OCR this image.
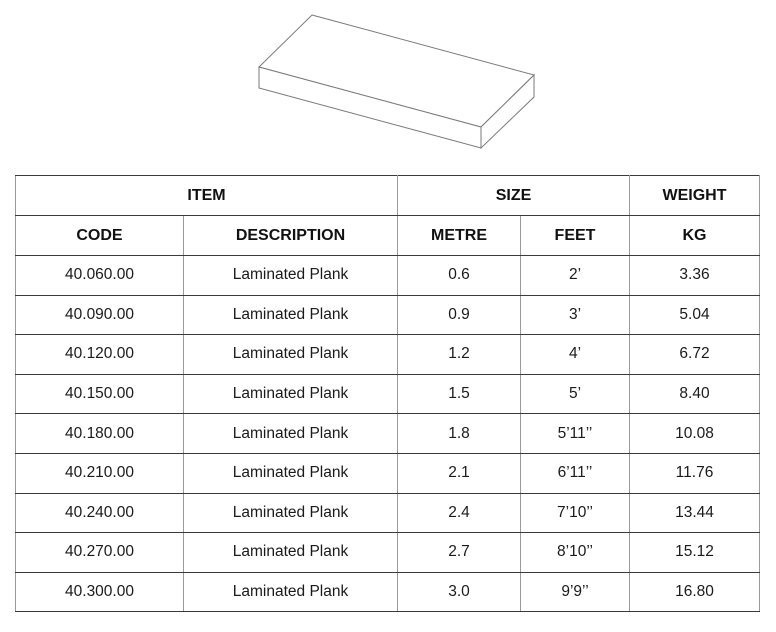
ITEM		SIZE		WEIGHT
CODE	DESCRIPTION	METRE	FEET	KG
40.060.00	Laminated Plank	0.6	2’	3.36
40.090.00	Laminated Plank	0.9	3’	5.04
40.120.00	Laminated Plank	1.2	4’	6.72
40.150.00	Laminated Plank	1.5	5’	8.40
40.180.00	Laminated Plank	1.8	5’11’’	10.08
40.210.00	Laminated Plank	2.1	6’11’’	11.76
40.240.00	Laminated Plank	2.4	7’10’’	13.44
40.270.00	Laminated Plank	2.7	8’10’’	15.12
40.300.00	Laminated Plank	3.0	9’9’’	16.80
